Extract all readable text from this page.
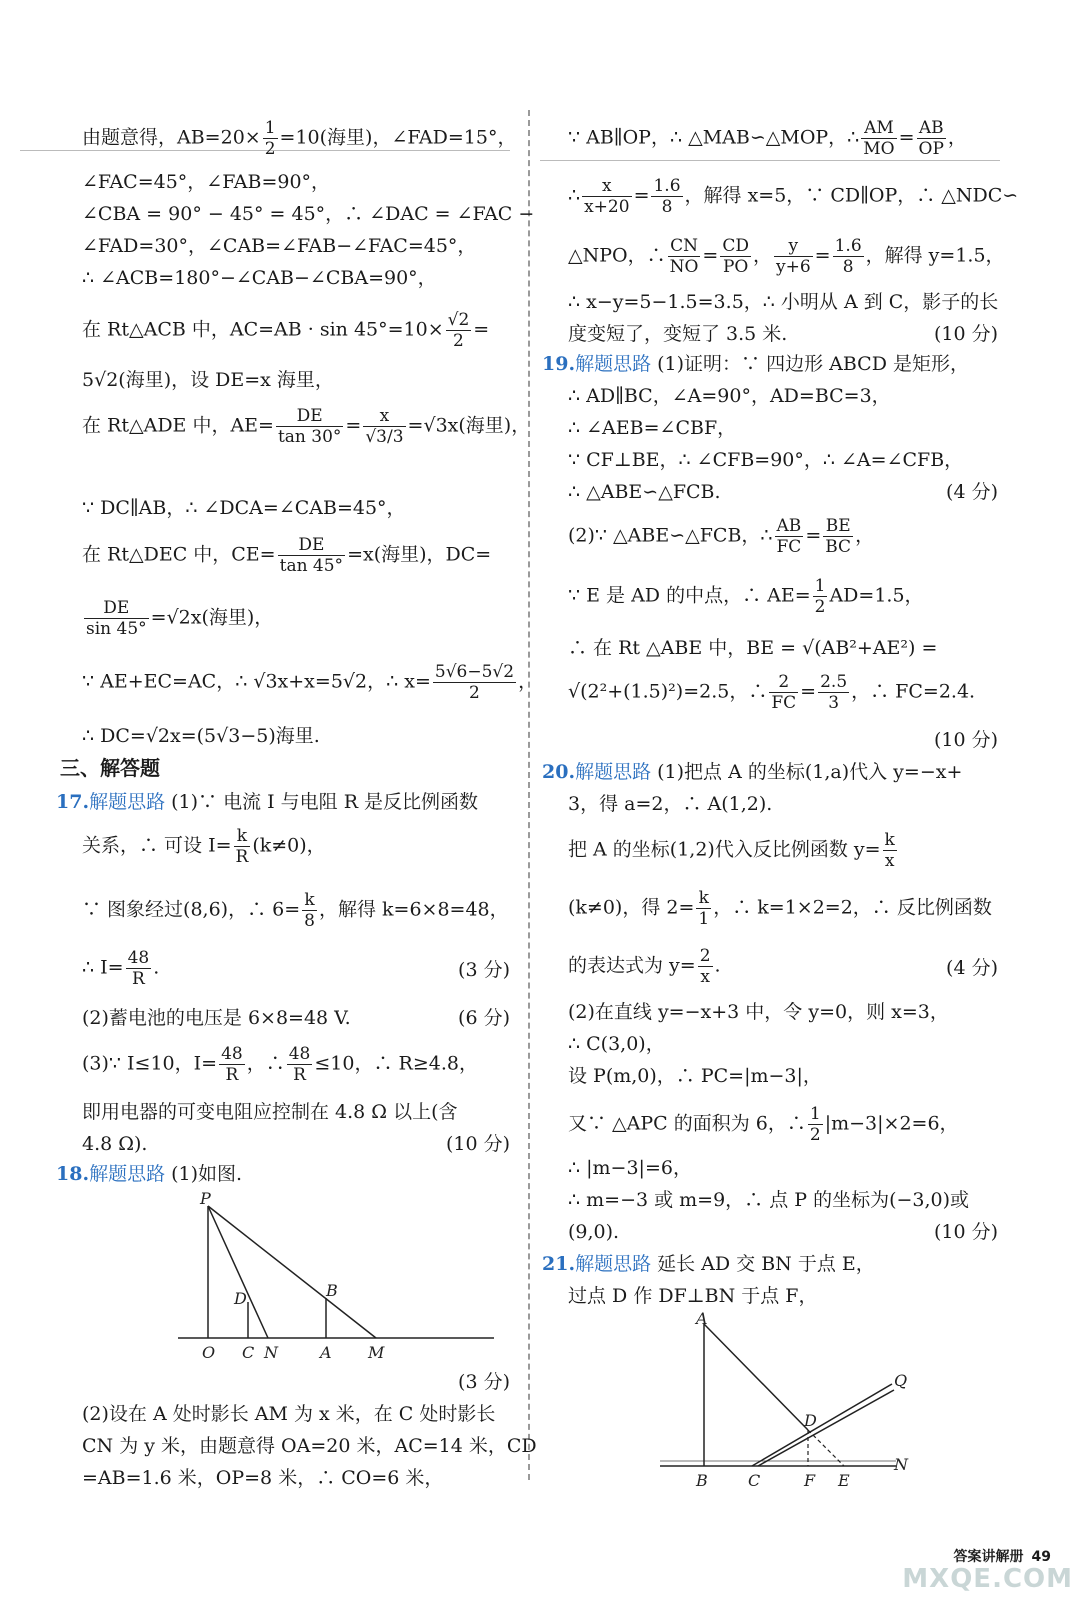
由题意得，$AB=20\times \frac{1}{2} =10$(海里)，∠FAD=15°，
∠FAC=45°，∠FAB=90°，
∠CBA = 90° − 45° = 45°，∴ ∠DAC = ∠FAC −
∠FAD=30°，∠CAB=∠FAB−∠FAC=45°，
∴ ∠ACB=180°−∠CAB−∠CBA=90°，
在 Rt△ACB 中，$AC=AB \cdot \sin 45^\circ=10\times \frac{√2}{2}$ =
5√2(海里)，设 DE=x 海里，
在 Rt△ADE 中，$AE= \frac{DE}{\tan 30^\circ} = \frac{x}{√3/3} =√3x$(海里)，
∵ DC∥AB，∴ ∠DCA=∠CAB=45°，
在 Rt△DEC 中，$CE= \frac{DE}{\tan 45^\circ} =x$(海里)，DC=
$\frac{DE}{\sin 45^\circ} =√2x$(海里)，
∵ AE+EC=AC，∴ √3x+x=5√2，∴ $x= \frac{5√6-5√2}{2}$ ，
∴ DC=√2x=(5√3−5)海里.
三、解答题
17.解题思路 (1)∵ 电流 I 与电阻 R 是反比例函数
关系，∴ 可设 $I= \frac{k}{R} (k\ne 0)$，
∵ 图象经过(8,6)，∴ $6= \frac{k}{8}$ ，解得 k=6×8=48，
∴ $I= \frac{48}{R}$ .	(3 分)
(2)蓄电池的电压是 6×8=48 V.	(6 分)
(3)∵ I≤10，$I= \frac{48}{R}$ ，∴ $\frac{48}{R} \le 10$，∴ R≥4.8，
即用电器的可变电阻应控制在 4.8 Ω 以上(含
4.8 Ω).	(10 分)
18.解题思路 (1)如图.
P
D	B
O C N	A M
(3 分)
(2)设在 A 处时影长 AM 为 x 米，在 C 处时影长
CN 为 y 米，由题意得 OA=20 米，AC=14 米，CD
=AB=1.6 米，OP=8 米，∴ CO=6 米，
∵ AB∥OP，∴ △MAB∽△MOP，∴ $\frac{AM}{MO} = \frac{AB}{OP}$ ，
∴ $\frac{x}{x+20} = \frac{1.6}{8}$ ，解得 x=5，∵ CD∥OP，∴ △NDC∽
△NPO，∴ $\frac{CN}{NO} = \frac{CD}{PO}$ ， $\frac{y}{y+6} = \frac{1.6}{8}$ ，解得 y=1.5，
∴ x−y=5−1.5=3.5，∴ 小明从 A 到 C，影子的长
度变短了，变短了 3.5 米.	(10 分)
19.解题思路 (1)证明：∵ 四边形 ABCD 是矩形，
∴ AD∥BC，∠A=90°，AD=BC=3，
∴ ∠AEB=∠CBF，
∵ CF⊥BE，∴ ∠CFB=90°，∴ ∠A=∠CFB，
∴ △ABE∽△FCB.	(4 分)
(2)∵ △ABE∽△FCB，∴ $\frac{AB}{FC} = \frac{BE}{BC}$ ，
∵ E 是 AD 的中点，∴ $AE= \frac{1}{2} AD=1.5$，
∴ 在 Rt △ABE 中，BE = √(AB²+AE²) =
√(2²+(1.5)²)=2.5，∴ $\frac{2}{FC} = \frac{2.5}{3}$ ，∴ FC=2.4.
(10 分)
20.解题思路 (1)把点 A 的坐标(1,a)代入 y=−x+
3，得 a=2，∴ A(1,2).
把 A 的坐标(1,2)代入反比例函数 $y= \frac{k}{x}$
(k≠0)，得 $2= \frac{k}{1}$ ，∴ k=1×2=2，∴ 反比例函数
的表达式为 $y= \frac{2}{x}$ .	(4 分)
(2)在直线 y=−x+3 中，令 y=0，则 x=3，
∴ C(3,0)，
设 P(m,0)，∴ PC=|m−3|，
又∵ △APC 的面积为 6，∴ $\frac{1}{2} |m-3|\times 2=6$，
∴ |m−3|=6，
∴ m=−3 或 m=9，∴ 点 P 的坐标为(−3,0)或
(9,0).	(10 分)
21.解题思路 延长 AD 交 BN 于点 E，
过点 D 作 DF⊥BN 于点 F，
A
Q
D
B	C	F E
N
答案讲解册 49
MXQE.COM
